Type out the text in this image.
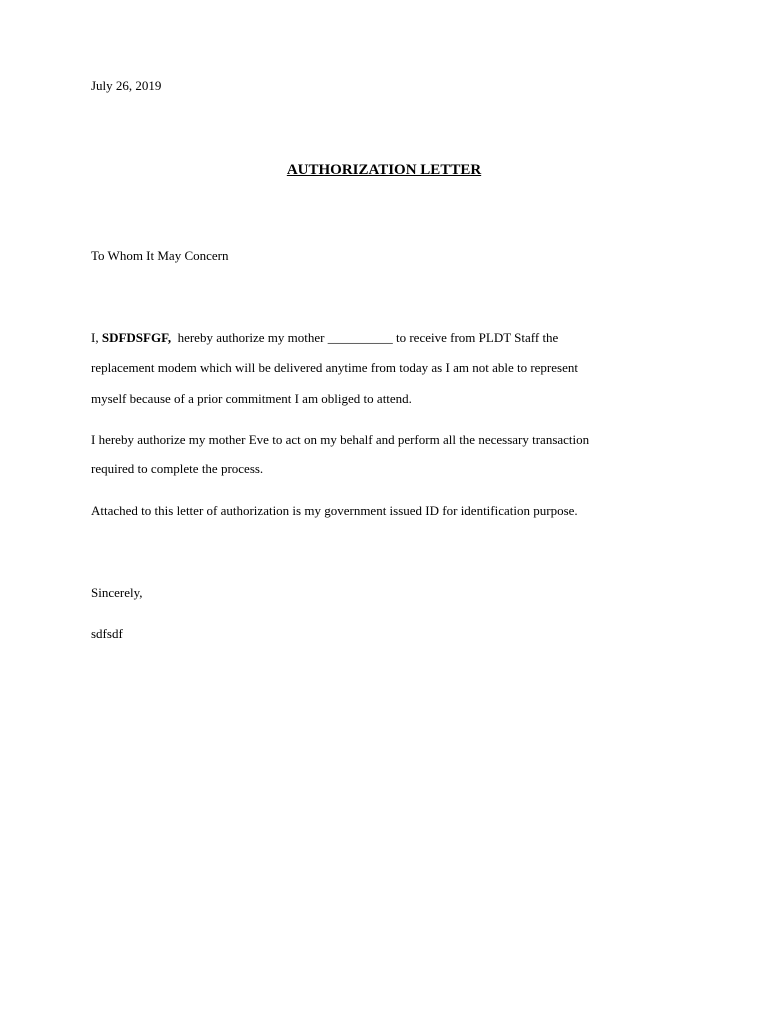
July 26, 2019
AUTHORIZATION LETTER
To Whom It May Concern
I, SDFDSFGF,  hereby authorize my mother __________ to receive from PLDT Staff the
replacement modem which will be delivered anytime from today as I am not able to represent
myself because of a prior commitment I am obliged to attend.
I hereby authorize my mother Eve to act on my behalf and perform all the necessary transaction
required to complete the process.
Attached to this letter of authorization is my government issued ID for identification purpose.
Sincerely,
sdfsdf
